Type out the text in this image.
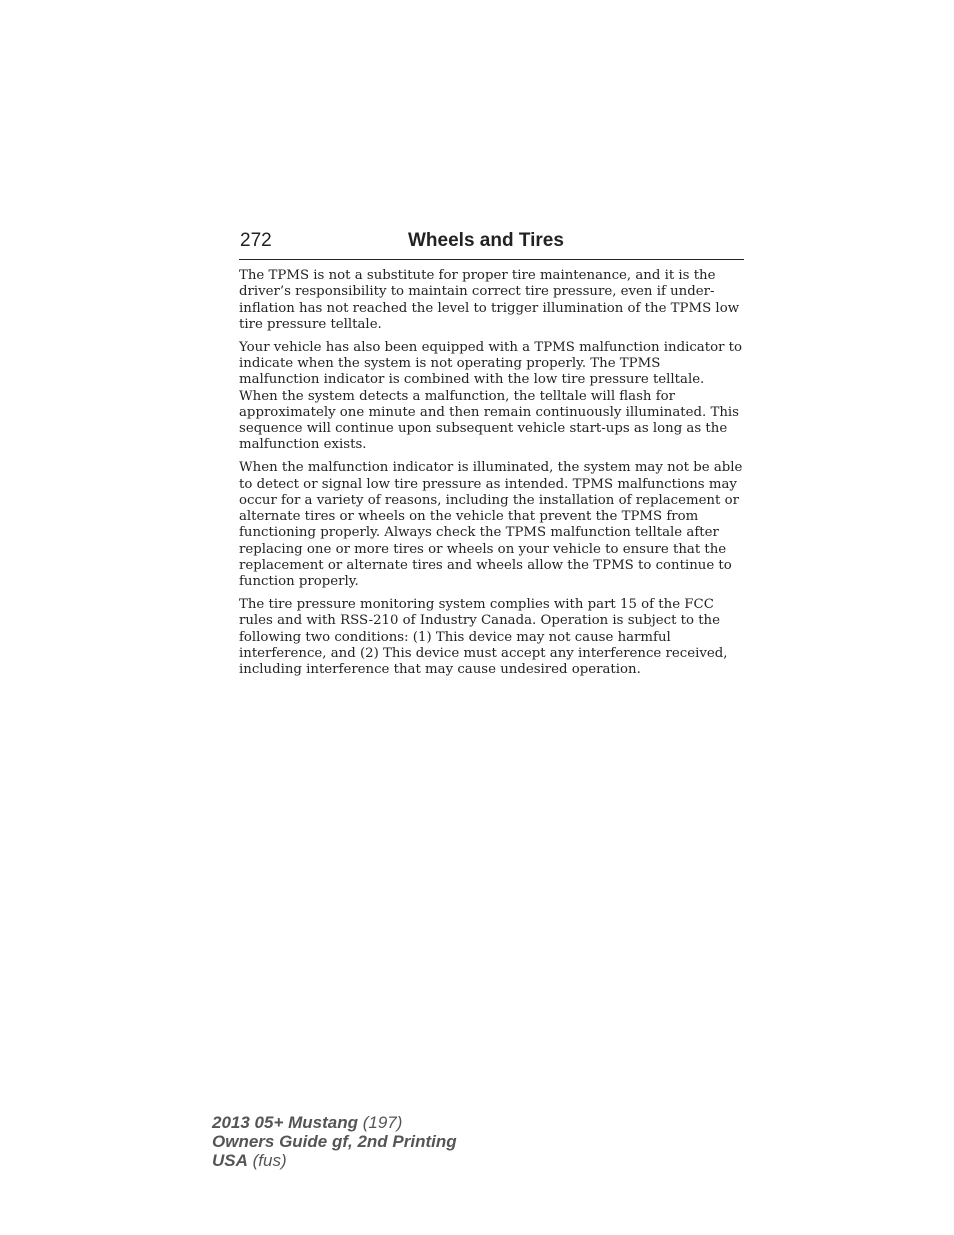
272	Wheels and Tires

The TPMS is not a substitute for proper tire maintenance, and it is the driver’s responsibility to maintain correct tire pressure, even if under-inflation has not reached the level to trigger illumination of the TPMS low tire pressure telltale.

Your vehicle has also been equipped with a TPMS malfunction indicator to indicate when the system is not operating properly. The TPMS malfunction indicator is combined with the low tire pressure telltale. When the system detects a malfunction, the telltale will flash for approximately one minute and then remain continuously illuminated. This sequence will continue upon subsequent vehicle start-ups as long as the malfunction exists.

When the malfunction indicator is illuminated, the system may not be able to detect or signal low tire pressure as intended. TPMS malfunctions may occur for a variety of reasons, including the installation of replacement or alternate tires or wheels on the vehicle that prevent the TPMS from functioning properly. Always check the TPMS malfunction telltale after replacing one or more tires or wheels on your vehicle to ensure that the replacement or alternate tires and wheels allow the TPMS to continue to function properly.

The tire pressure monitoring system complies with part 15 of the FCC rules and with RSS-210 of Industry Canada. Operation is subject to the following two conditions: (1) This device may not cause harmful interference, and (2) This device must accept any interference received, including interference that may cause undesired operation.

2013 05+ Mustang (197)
Owners Guide gf, 2nd Printing
USA (fus)
